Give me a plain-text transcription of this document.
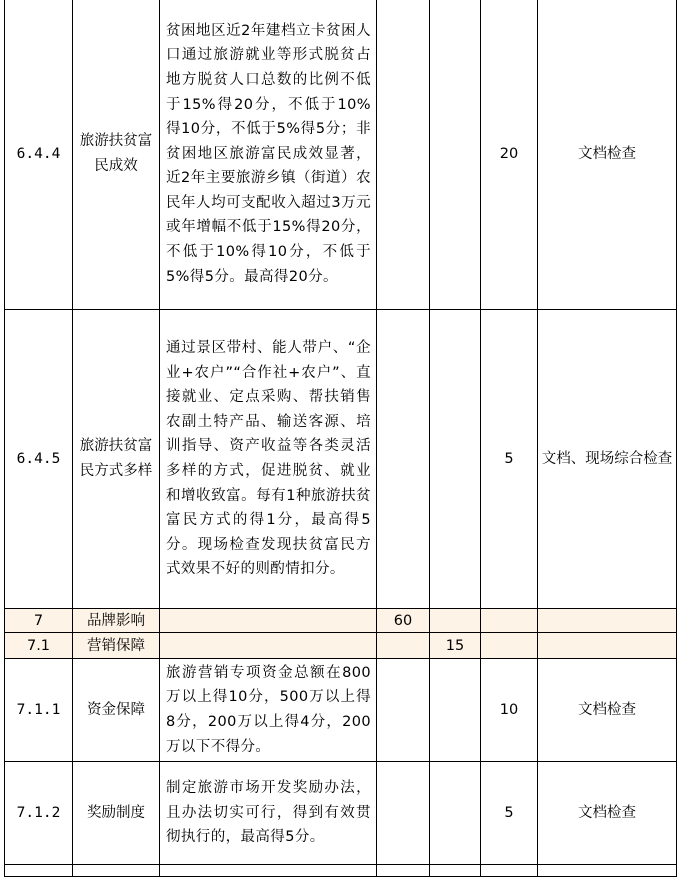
6.4.4	旅游扶贫富民成效	贫困地区近2年建档立卡贫困人口通过旅游就业等形式脱贫占地方脱贫人口总数的比例不低于15%得20分，不低于10%得10分，不低于5%得5分；非贫困地区旅游富民成效显著，近2年主要旅游乡镇（街道）农民年人均可支配收入超过3万元或年增幅不低于15%得20分，不低于10%得10分，不低于5%得5分。最高得20分。			20	文档检查
6.4.5	旅游扶贫富民方式多样	通过景区带村、能人带户、“企业+农户”“合作社+农户”、直接就业、定点采购、帮扶销售农副土特产品、输送客源、培训指导、资产收益等各类灵活多样的方式，促进脱贫、就业和增收致富。每有1种旅游扶贫富民方式的得1分，最高得5分。现场检查发现扶贫富民方式效果不好的则酌情扣分。			5	文档、现场综合检查
7	品牌影响		60			
7.1	营销保障			15		
7.1.1	资金保障	旅游营销专项资金总额在800万以上得10分，500万以上得8分，200万以上得4分，200万以下不得分。			10	文档检查
7.1.2	奖励制度	制定旅游市场开发奖励办法，且办法切实可行，得到有效贯彻执行的，最高得5分。			5	文档检查
